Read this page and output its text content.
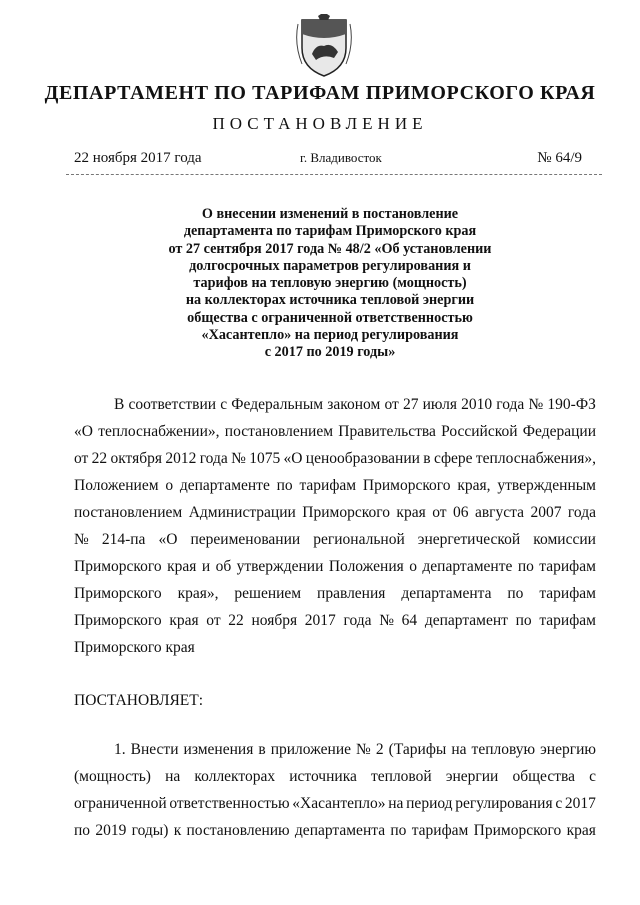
ДЕПАРТАМЕНТ ПО ТАРИФАМ ПРИМОРСКОГО КРАЯ
ПОСТАНОВЛЕНИЕ
22 ноября 2017 года	г. Владивосток	№ 64/9
О внесении изменений в постановление
департамента по тарифам Приморского края
от 27 сентября 2017 года № 48/2 «Об установлении
долгосрочных параметров регулирования и
тарифов на тепловую энергию (мощность)
на коллекторах источника тепловой энергии
общества с ограниченной ответственностью
«Хасантепло» на период регулирования
с 2017 по 2019 годы»
В соответствии с Федеральным законом от 27 июля 2010 года № 190-ФЗ
«О теплоснабжении», постановлением Правительства Российской Федерации
от 22 октября 2012 года № 1075 «О ценообразовании в сфере теплоснабжения»,
Положением о департаменте по тарифам Приморского края, утвержденным
постановлением Администрации Приморского края от 06 августа 2007 года
№ 214-па «О переименовании региональной энергетической комиссии
Приморского края и об утверждении Положения о департаменте по тарифам
Приморского края», решением правления департамента по тарифам
Приморского края от 22 ноября 2017 года № 64 департамент по тарифам
Приморского края
ПОСТАНОВЛЯЕТ:
1. Внести изменения в приложение № 2 (Тарифы на тепловую энергию
(мощность) на коллекторах источника тепловой энергии общества с
ограниченной ответственностью «Хасантепло» на период регулирования с 2017
по 2019 годы) к постановлению департамента по тарифам Приморского края
